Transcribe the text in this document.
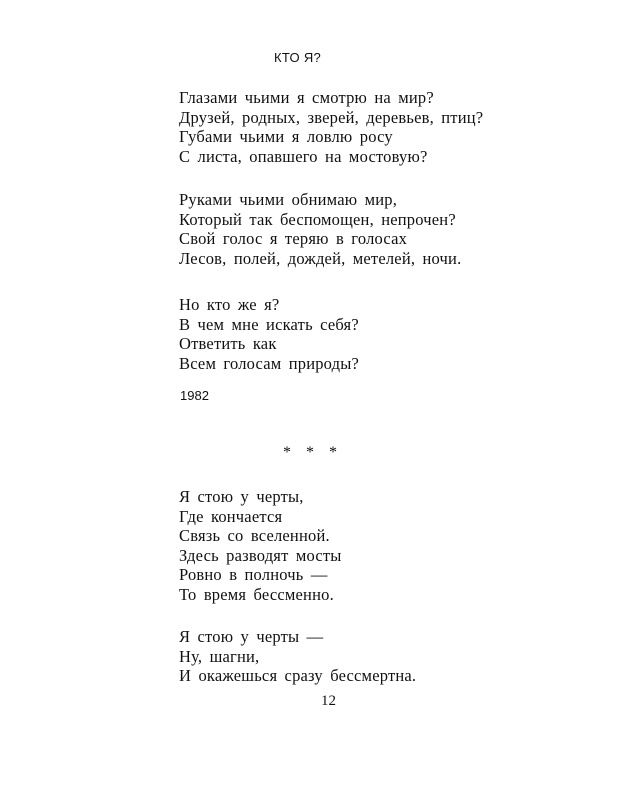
КТО Я?
Глазами чьими я смотрю на мир?
Друзей, родных, зверей, деревьев, птиц?
Губами чьими я ловлю росу
С листа, опавшего на мостовую?
Руками чьими обнимаю мир,
Который так беспомощен, непрочен?
Свой голос я теряю в голосах
Лесов, полей, дождей, метелей, ночи.
Но кто же я?
В чем мне искать себя?
Ответить как
Всем голосам природы?
1982
* * *
Я стою у черты,
Где кончается
Связь со вселенной.
Здесь разводят мосты
Ровно в полночь —
То время бессменно.
Я стою у черты —
Ну, шагни,
И окажешься сразу бессмертна.
12
